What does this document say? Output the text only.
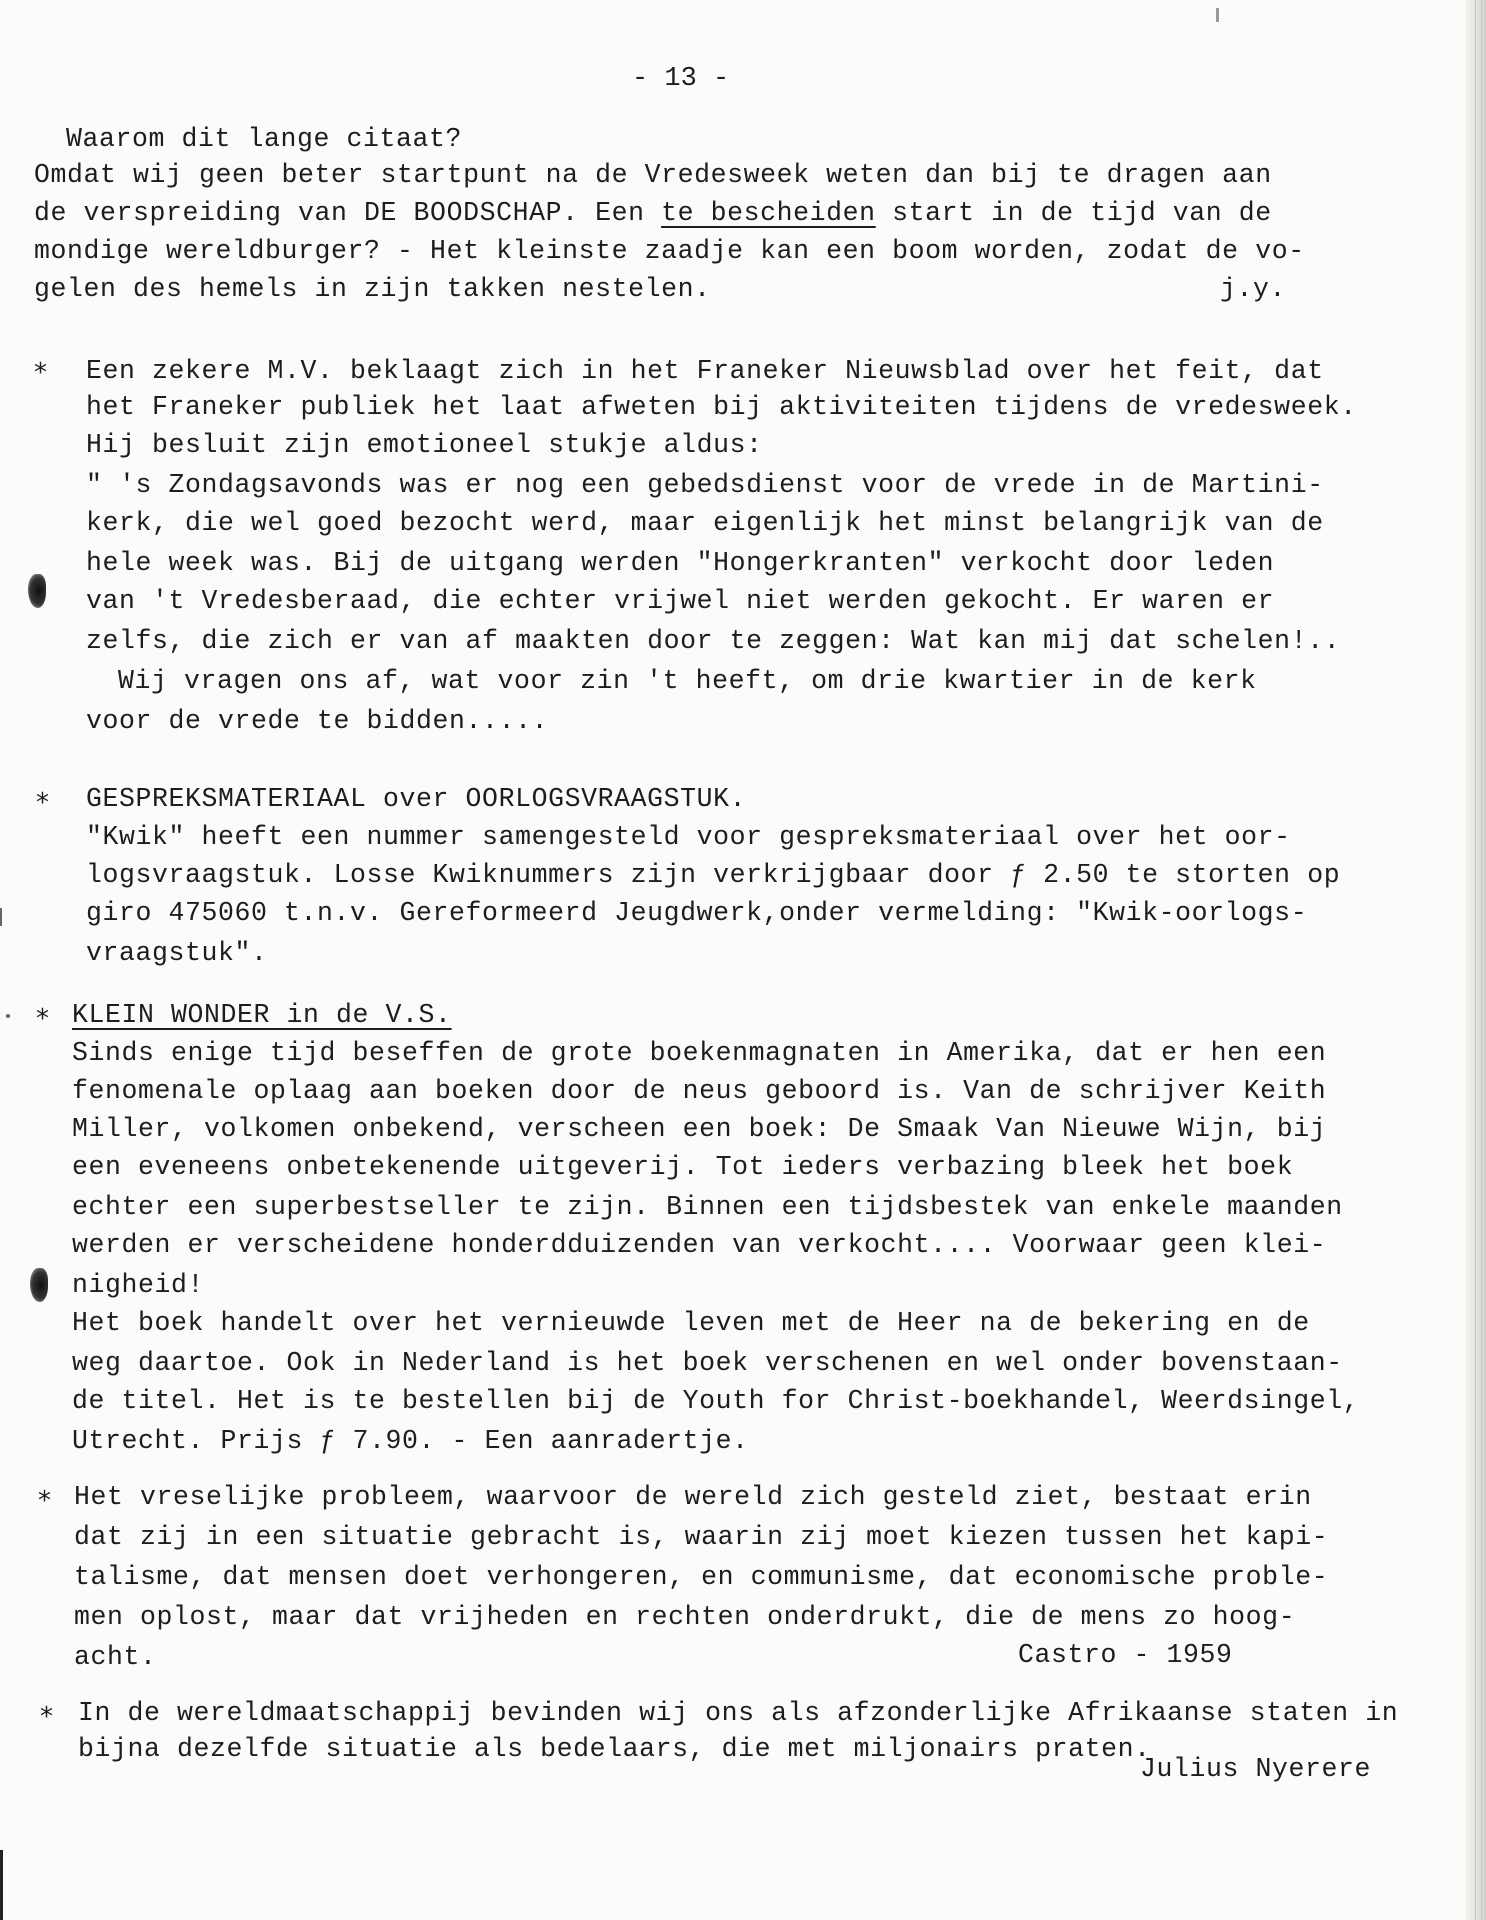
- 13 -
Waarom dit lange citaat?
Omdat wij geen beter startpunt na de Vredesweek weten dan bij te dragen aan
de verspreiding van DE BOODSCHAP. Een te bescheiden start in de tijd van de
mondige wereldburger? - Het kleinste zaadje kan een boom worden, zodat de vo-
gelen des hemels in zijn takken nestelen.	j.y.
* Een zekere M.V. beklaagt zich in het Franeker Nieuwsblad over het feit, dat
het Franeker publiek het laat afweten bij aktiviteiten tijdens de vredesweek.
Hij besluit zijn emotioneel stukje aldus:
" 's Zondagsavonds was er nog een gebedsdienst voor de vrede in de Martini-
kerk, die wel goed bezocht werd, maar eigenlijk het minst belangrijk van de
hele week was. Bij de uitgang werden "Hongerkranten" verkocht door leden
van 't Vredesberaad, die echter vrijwel niet werden gekocht. Er waren er
zelfs, die zich er van af maakten door te zeggen: Wat kan mij dat schelen!..
Wij vragen ons af, wat voor zin 't heeft, om drie kwartier in de kerk
voor de vrede te bidden.....
* GESPREKSMATERIAAL over OORLOGSVRAAGSTUK.
"Kwik" heeft een nummer samengesteld voor gespreksmateriaal over het oor-
logsvraagstuk. Losse Kwiknummers zijn verkrijgbaar door ƒ 2.50 te storten op
giro 475060 t.n.v. Gereformeerd Jeugdwerk,onder vermelding: "Kwik-oorlogs-
vraagstuk".
* KLEIN WONDER in de V.S.
Sinds enige tijd beseffen de grote boekenmagnaten in Amerika, dat er hen een
fenomenale oplaag aan boeken door de neus geboord is. Van de schrijver Keith
Miller, volkomen onbekend, verscheen een boek: De Smaak Van Nieuwe Wijn, bij
een eveneens onbetekenende uitgeverij. Tot ieders verbazing bleek het boek
echter een superbestseller te zijn. Binnen een tijdsbestek van enkele maanden
werden er verscheidene honderdduizenden van verkocht.... Voorwaar geen klei-
nigheid!
Het boek handelt over het vernieuwde leven met de Heer na de bekering en de
weg daartoe. Ook in Nederland is het boek verschenen en wel onder bovenstaan-
de titel. Het is te bestellen bij de Youth for Christ-boekhandel, Weerdsingel,
Utrecht. Prijs ƒ 7.90. - Een aanradertje.
* Het vreselijke probleem, waarvoor de wereld zich gesteld ziet, bestaat erin
dat zij in een situatie gebracht is, waarin zij moet kiezen tussen het kapi-
talisme, dat mensen doet verhongeren, en communisme, dat economische proble-
men oplost, maar dat vrijheden en rechten onderdrukt, die de mens zo hoog-
acht.	Castro - 1959
* In de wereldmaatschappij bevinden wij ons als afzonderlijke Afrikaanse staten in
bijna dezelfde situatie als bedelaars, die met miljonairs praten.
Julius Nyerere
